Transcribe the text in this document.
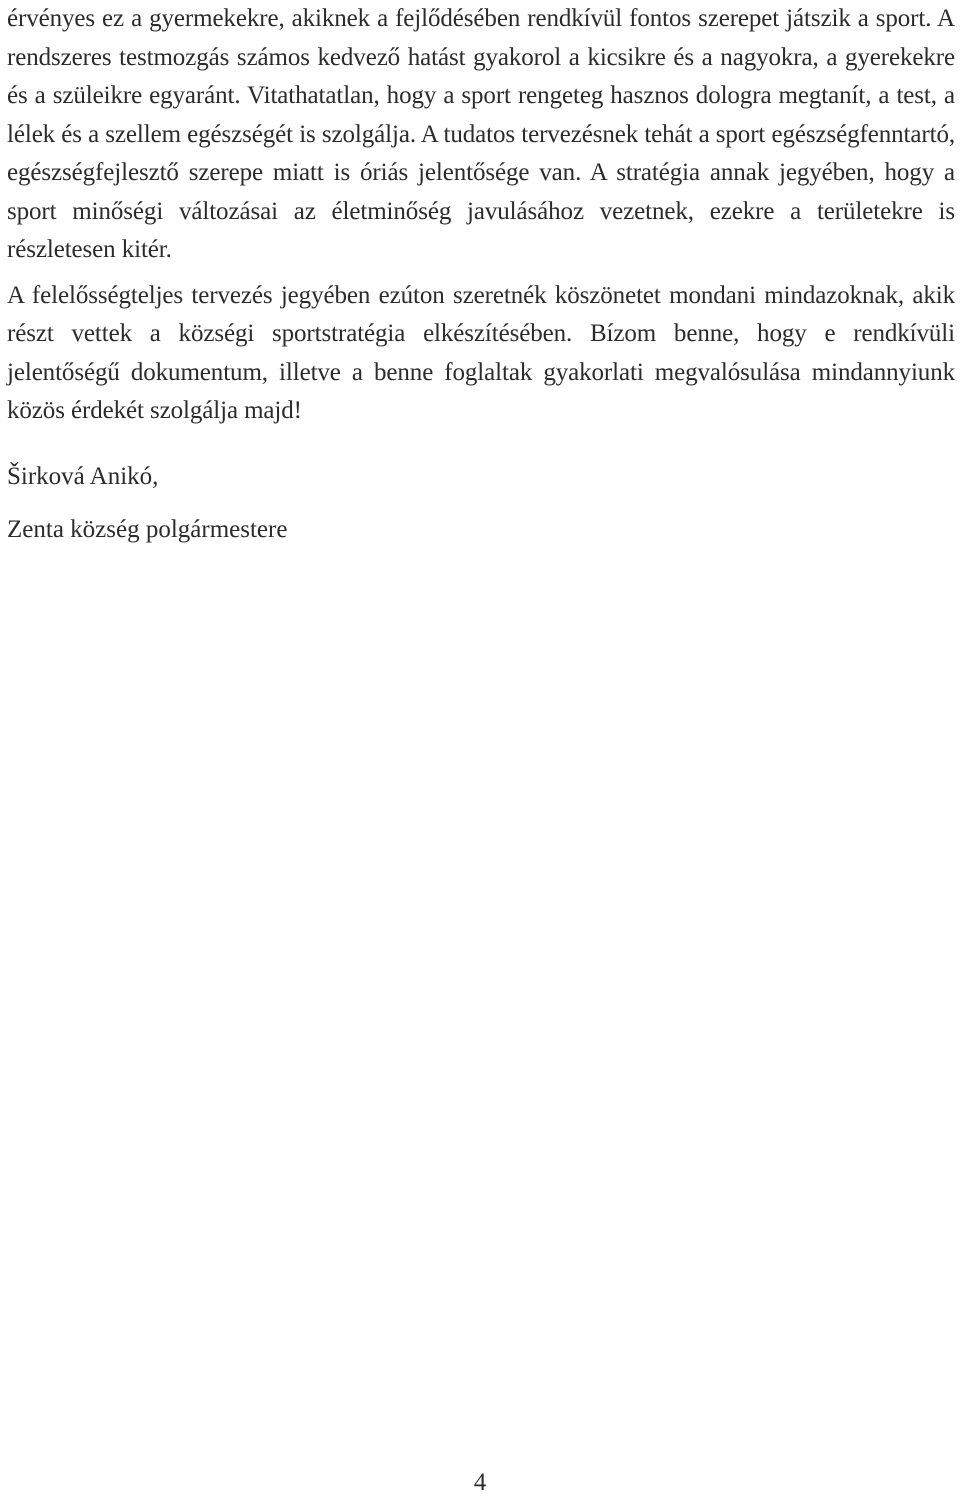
érvényes ez a gyermekekre, akiknek a fejlődésében rendkívül fontos szerepet játszik a sport. A rendszeres testmozgás számos kedvező hatást gyakorol a kicsikre és a nagyokra, a gyerekekre és a szüleikre egyaránt. Vitathatatlan, hogy a sport rengeteg hasznos dologra megtanít, a test, a lélek és a szellem egészségét is szolgálja. A tudatos tervezésnek tehát a sport egészségfenntartó, egészségfejlesztő szerepe miatt is óriás jelentősége van. A stratégia annak jegyében, hogy a sport minőségi változásai az életminőség javulásához vezetnek, ezekre a területekre is részletesen kitér.

A felelősségteljes tervezés jegyében ezúton szeretnék köszönetet mondani mindazoknak, akik részt vettek a községi sportstratégia elkészítésében. Bízom benne, hogy e rendkívüli jelentőségű dokumentum, illetve a benne foglaltak gyakorlati megvalósulása mindannyiunk közös érdekét szolgálja majd!

Širková Anikó,
Zenta község polgármestere
4
